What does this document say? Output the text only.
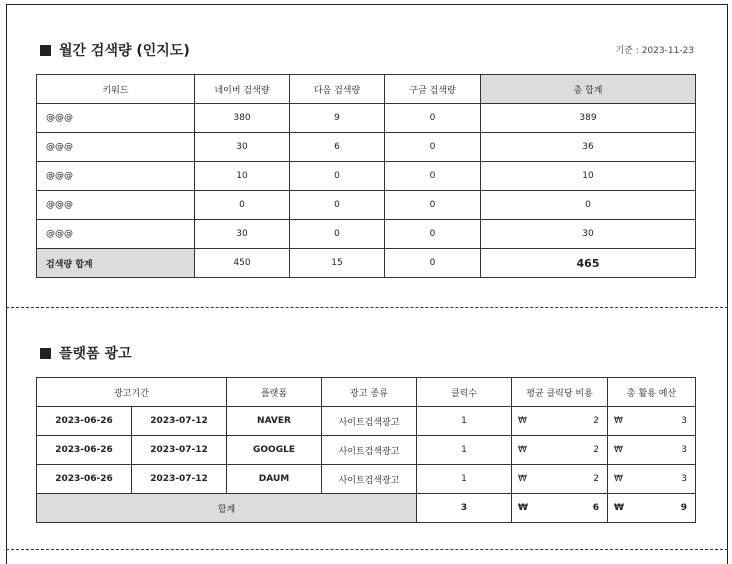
월간 검색량 (인지도)	기준 : 2023-11-23
키워드	네이버 검색량	다음 검색량	구글 검색량	총 합계
@@@	380	9	0	389
@@@	30	6	0	36
@@@	10	0	0	10
@@@	0	0	0	0
@@@	30	0	0	30
검색량 합계	450	15	0	465
플랫폼 광고
광고기간		플랫폼	광고 종류	클릭수	평균 클릭당 비용	총 활용 예산
2023-06-26	2023-07-12	NAVER	사이트검색광고	1	₩ 2	₩ 3

2023-06-26	2023-07-12	GOOGLE	사이트검색광고	1	₩ 2	₩ 3

2023-06-26	2023-07-12	DAUM	사이트검색광고	1	₩ 2	₩ 3

합계				3	₩ 6	₩ 9
